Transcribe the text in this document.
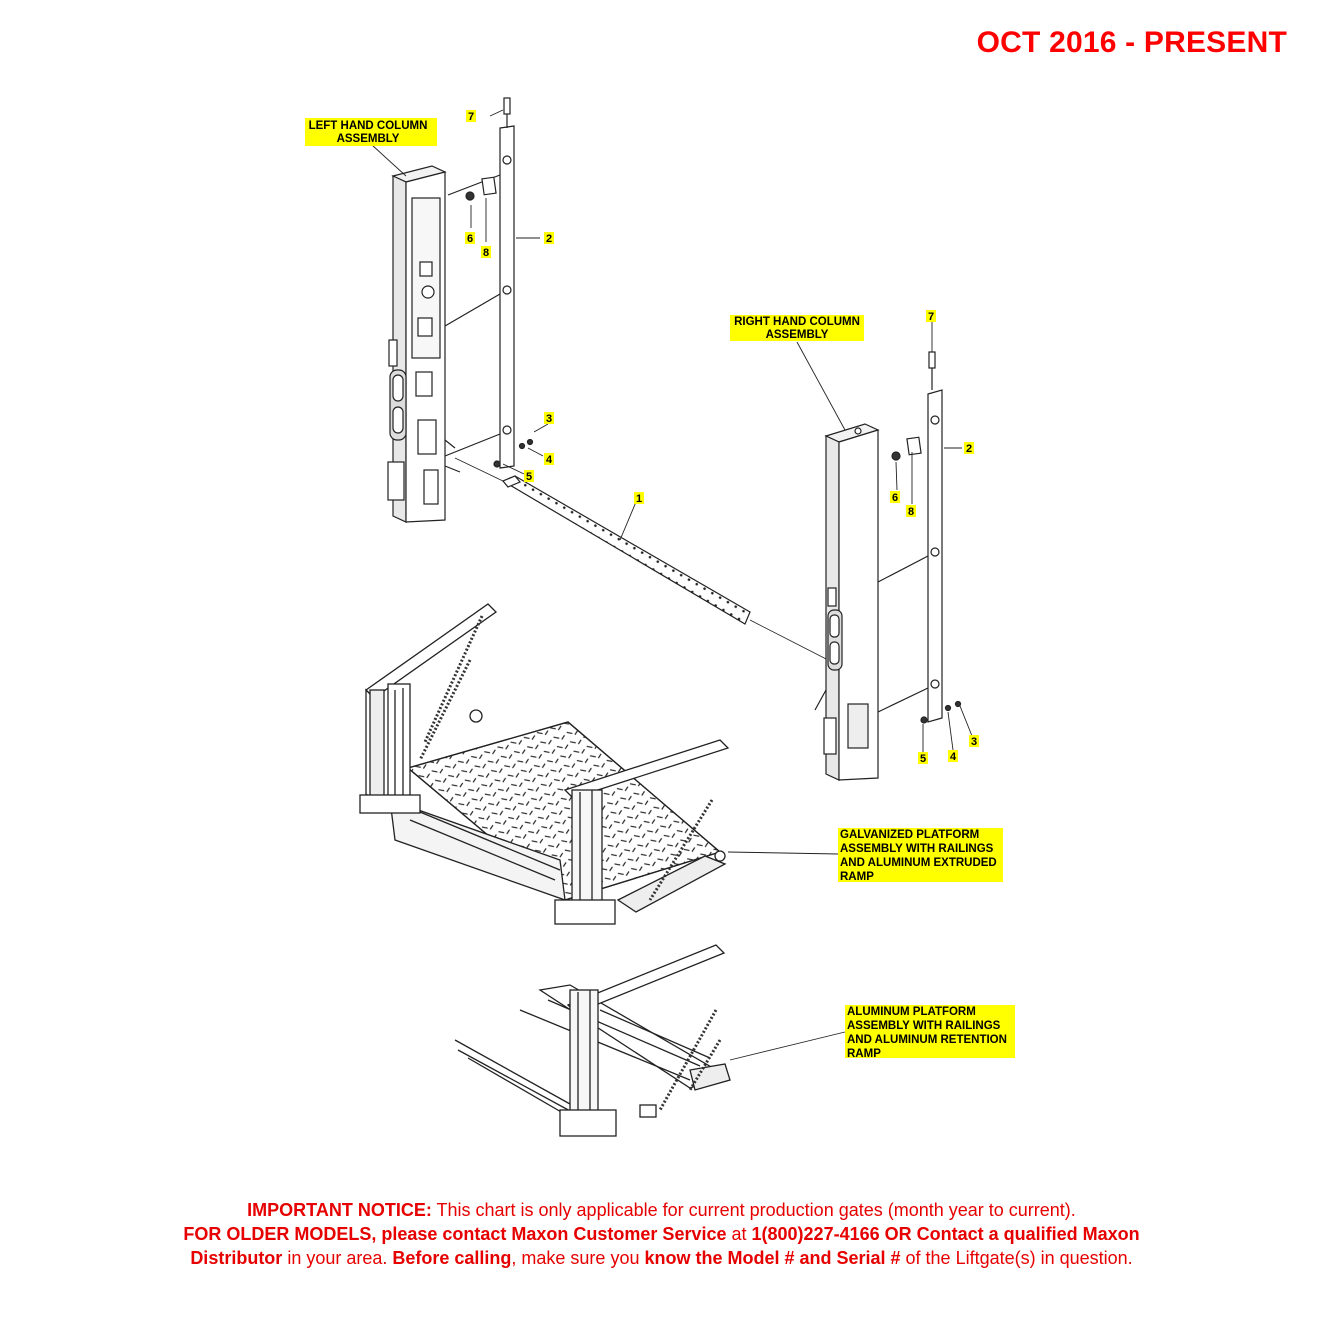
OCT 2016 - PRESENT
LEFT HAND COLUMN
ASSEMBLY
RIGHT HAND COLUMN
ASSEMBLY
GALVANIZED PLATFORM
ASSEMBLY WITH RAILINGS
AND ALUMINUM EXTRUDED
RAMP
ALUMINUM PLATFORM
ASSEMBLY WITH RAILINGS
AND ALUMINUM RETENTION
RAMP
7
6
8
2
3
4
5
1
7
2
6
8
5 4
3
IMPORTANT NOTICE: This chart is only applicable for current production gates (month year to current).
FOR OLDER MODELS, please contact Maxon Customer Service at 1(800)227-4166 OR Contact a qualified Maxon
Distributor in your area. Before calling, make sure you know the Model # and Serial # of the Liftgate(s) in question.
